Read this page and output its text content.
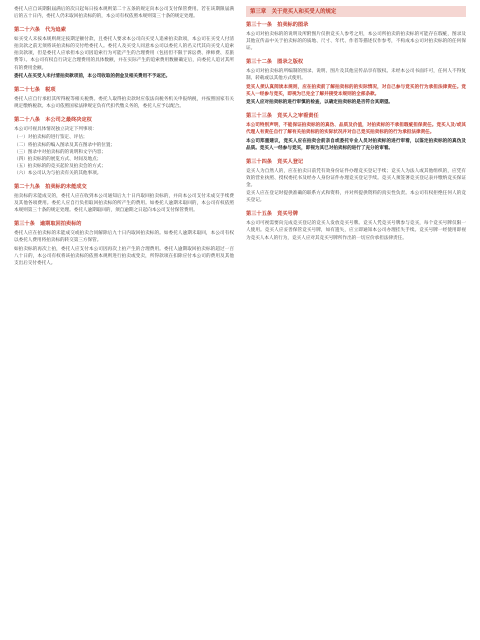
委托人应自该期限届满后的次日起每日按本规则第二十五条的规定向本公司支付保管费用。若在该期限届满后的五十日内，委托人仍未取回拍卖标的的，本公司有权依照本规则第三十条的规定处理。

第二十六条　代为追索

如买受人未按本规则规定按期足额付款，且委托人要求本公司向买受人追索拍卖款项，本公司在买受人付清拍卖款之前无须将该拍卖标的交付给委托人。委托人及买受人同意本公司以委托人的名义代其向买受人追索拍卖款项，但是委托人应承担本公司因追索行为可能产生的合理费用（包括但不限于诉讼费、律师费、差旅费等）。本公司有权自行决定合理费用的具体数额，并在实际产生的追索费用数额确定后，向委托人追讨其所有的费用金额。

委托人在买受人未付清拍卖款项前，本公司收取的佣金及相关费用不予返还。

第二十七条　税项

委托人应自行承担其所得税等相关税费。委托人取得拍卖款时应依法向税务机关申报纳税，并按照国家有关规定缴纳税款。本公司依照国家法律规定负有代扣代缴义务的，委托人应予以配合。

第二十八条　本公司之最终决定权

本公司可视具体情况独立决定下列事项：

（一）对拍卖标的进行鉴定、评估；
（二）将拍卖标的编入图录及其在图录中的位置；
（三）图录中对拍卖标的的说明和文字内容；
（四）拍卖标的的展览方式、时间及地点；
（五）拍卖标的的竞买起价及拍卖会的方式；
（六）本公司认为与拍卖有关的其他事项。
第二十九条　拍卖标的未能成交

拍卖标的未能成交的，委托人应在收到本公司通知后九十日内取回拍卖标的，并向本公司支付未成交手续费及其他各项费用。委托人应自行负担取回拍卖标的所产生的费用。如委托人逾期未取回的，本公司有权依照本规则第三十条的规定处理。委托人逾期取回的，须自逾期之日起向本公司支付保管费用。

第三十条　逾期取回拍卖标的

委托人应在拍卖标的未能成交或拍卖合同解除后九十日内取回拍卖标的。如委托人逾期未取回，本公司有权以委托人费用将拍卖标的转交第三方保管。

如拍卖标的再次上拍，委托人应支付本公司因再次上拍产生的合理费用。委托人逾期取回拍卖标的超过一百八十日的，本公司有权将该拍卖标的依照本规则进行拍卖或变卖，所得款项在扣除应付本公司的费用及其他支出后交付委托人。

第三章　关于竞买人和买受人的规定
第三十一条　拍卖标的图录

本公司对拍卖标的的说明及所附图片仅供竞买人参考之用，本公司所拍卖的拍卖标的可能存在瑕疵，图录及其他宣传品中关于拍卖标的的质地、尺寸、年代、作者等描述仅作参考，不构成本公司对拍卖标的的任何保证。

第三十二条　图录之版权

本公司对拍卖标的所编制的图录、说明、图片及其他宣传品享有版权。未经本公司书面许可，任何人不得复制、转载或以其他方式使用。

竞买人须认真阅读本规则，应在拍卖前了解拍卖标的的实际情况，对自己参与竞买的行为承担法律责任。竞买人一经参与竞买，即视为已完全了解并接受本规则的全部条款。

竞买人应对拍卖标的进行审慎的检查，以确定拍卖标的是否符合其期望。

第三十三条　竞买人之审看责任

本公司特别声明，不能保证拍卖标的的真伪、品质及价值，对拍卖标的不承担瑕疵担保责任。竞买人及/或其代理人有责任自行了解有关拍卖标的的实际状况并对自己竞买拍卖标的的行为承担法律责任。

本公司郑重建议，竞买人应在拍卖会前亲自或委托专业人员对拍卖标的进行审看，以鉴定拍卖标的的真伪及品质。竞买人一经参与竞买，即视为其已对拍卖标的进行了充分的审看。

第三十四条　竞买人登记

竞买人为自然人的，应在拍卖日前凭有效身份证件办理竞买登记手续；竞买人为法人或其他组织的，应凭有效的营业执照、授权委托书及经办人身份证件办理竞买登记手续。竞买人须签署竞买登记表并缴纳竞买保证金。

竞买人应在登记时提供准确的联系方式和资料，并对所提供资料的真实性负责。本公司有权拒绝任何人的竞买登记。

第三十五条　竞买号牌

本公司可视需要向完成竞买登记的竞买人发放竞买号牌。竞买人凭竞买号牌参与竞买，每个竞买号牌仅限一人使用。竞买人应妥善保管竞买号牌，如有遗失，应立即通知本公司办理挂失手续。竞买号牌一经使用即视为竞买人本人的行为，竞买人应对其竞买号牌所作出的一切应价承担法律责任。
